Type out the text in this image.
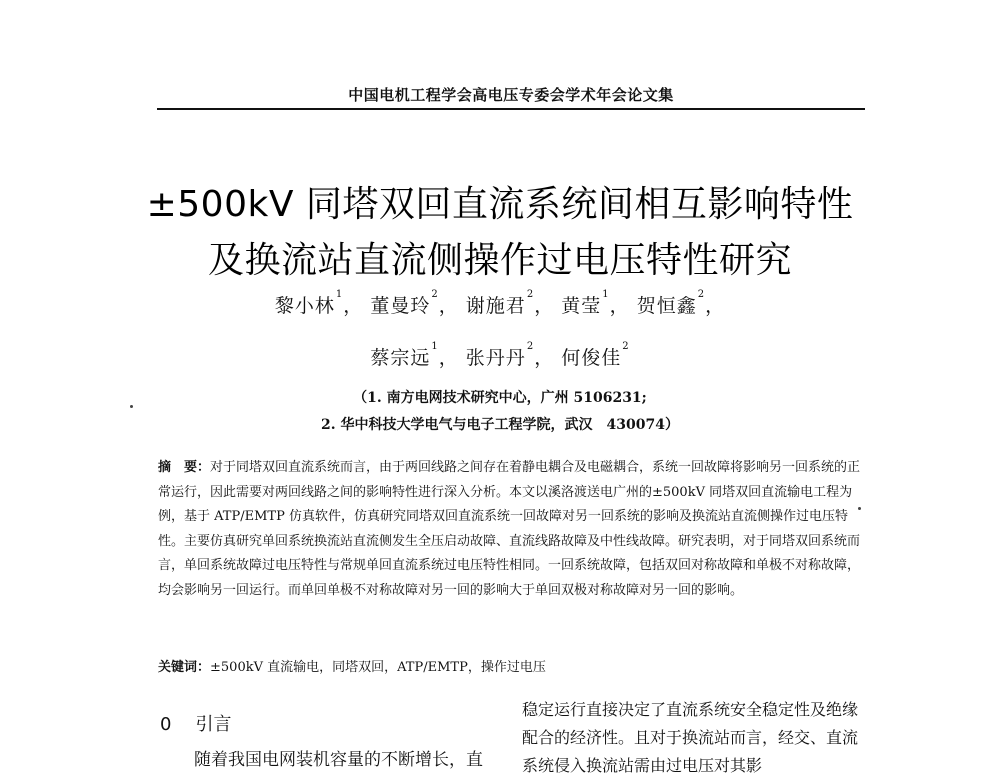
中国电机工程学会高电压专委会学术年会论文集
±500kV 同塔双回直流系统间相互影响特性
及换流站直流侧操作过电压特性研究
黎小林$^1$， 董曼玲$^2$， 谢施君$^2$， 黄莹$^1$， 贺恒鑫$^2$，
蔡宗远$^1$， 张丹丹$^2$， 何俊佳$^2$
（1. 南方电网技术研究中心，广州 5106231;
2. 华中科技大学电气与电子工程学院，武汉　430074）
摘　要：对于同塔双回直流系统而言，由于两回线路之间存在着静电耦合及电磁耦合，系统一回故障将影响另一回系统的正常运行，因此需要对两回线路之间的影响特性进行深入分析。本文以溪洛渡送电广州的±500kV 同塔双回直流输电工程为例，基于 ATP/EMTP 仿真软件，仿真研究同塔双回直流系统一回故障对另一回系统的影响及换流站直流侧操作过电压特性。主要仿真研究单回系统换流站直流侧发生全压启动故障、直流线路故障及中性线故障。研究表明，对于同塔双回系统而言，单回系统故障过电压特性与常规单回直流系统过电压特性相同。一回系统故障，包括双回对称故障和单极不对称故障，均会影响另一回运行。而单回单极不对称故障对另一回的影响大于单回双极对称故障对另一回的影响。
关键词：±500kV 直流输电，同塔双回，ATP/EMTP，操作过电压
0 引言
随着我国电网装机容量的不断增长，直
稳定运行直接决定了直流系统安全稳定性及绝缘配合的经济性。且对于换流站而言，经交、直流系统侵入换流站需由过电压对其影
